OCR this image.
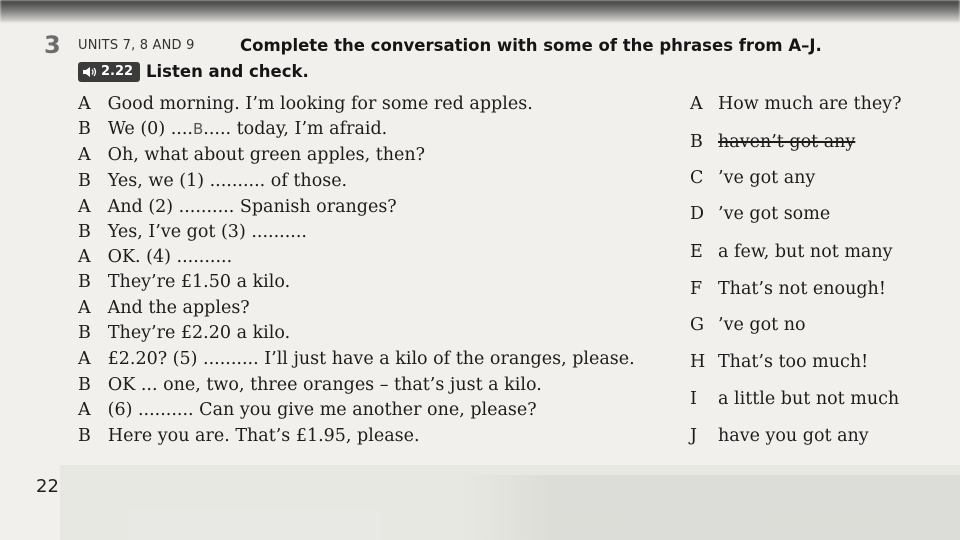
3 UNITS 7, 8 AND 9	Complete the conversation with some of the phrases from A–J.
2.22 Listen and check.
A Good morning. I’m looking for some red apples.
B We (0) ....B..... today, I’m afraid.
A Oh, what about green apples, then?
B Yes, we (1) .......... of those.
A And (2) .......... Spanish oranges?
B Yes, I’ve got (3) ..........
A OK. (4) ..........
B They’re £1.50 a kilo.
A And the apples?
B They’re £2.20 a kilo.
A £2.20? (5) .......... I’ll just have a kilo of the oranges, please.
B OK ... one, two, three oranges – that’s just a kilo.
A (6) .......... Can you give me another one, please?
B Here you are. That’s £1.95, please.
A How much are they?
B haven’t got any
C ’ve got any
D ’ve got some
E a few, but not many
F That’s not enough!
G ’ve got no
H That’s too much!
I a little but not much
J have you got any
22
